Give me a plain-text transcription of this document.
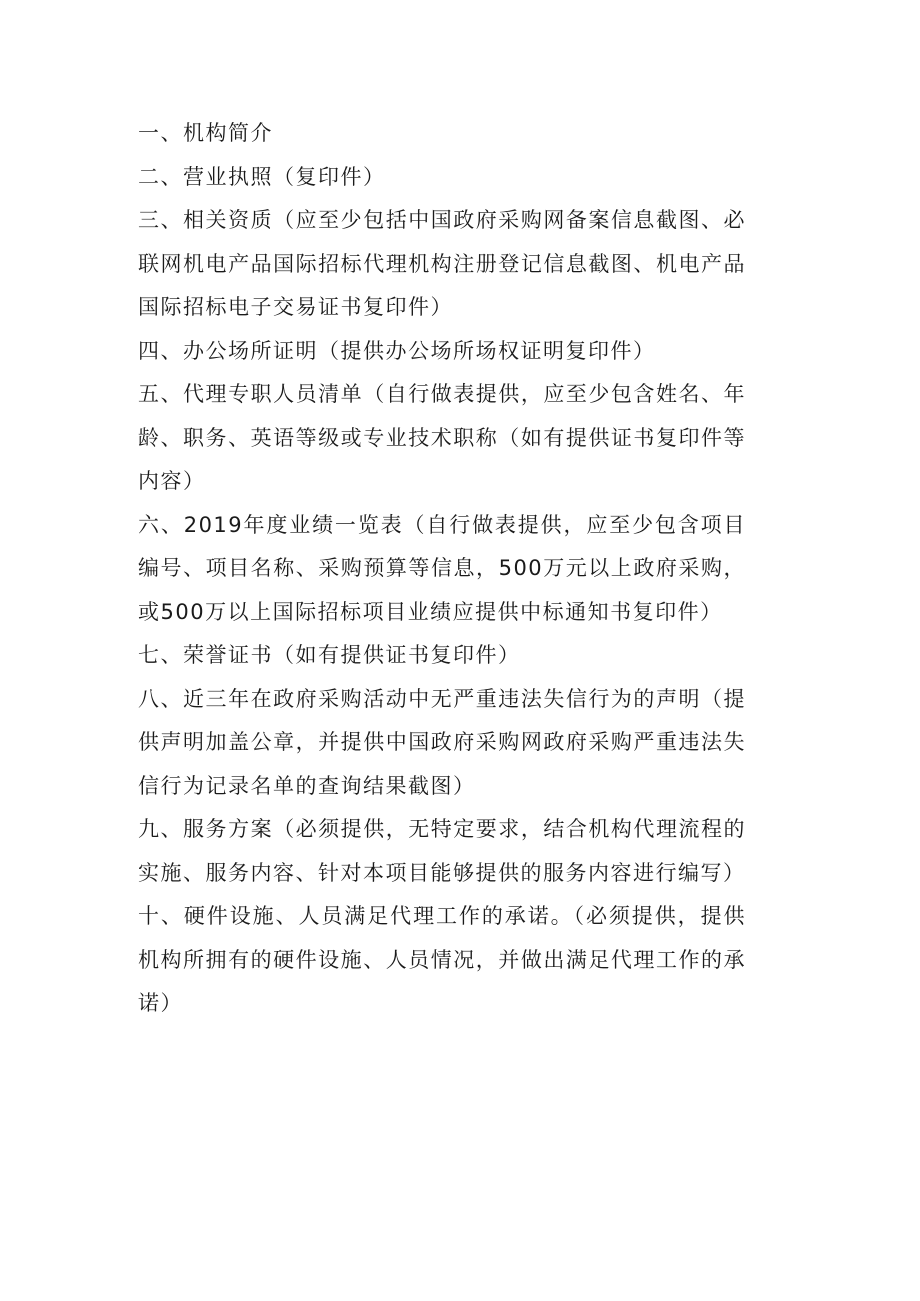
一、机构简介

二、营业执照（复印件）

三、相关资质（应至少包括中国政府采购网备案信息截图、必联网机电产品国际招标代理机构注册登记信息截图、机电产品国际招标电子交易证书复印件）

四、办公场所证明（提供办公场所场权证明复印件）

五、代理专职人员清单（自行做表提供，应至少包含姓名、年龄、职务、英语等级或专业技术职称（如有提供证书复印件等内容）

六、2019年度业绩一览表（自行做表提供，应至少包含项目编号、项目名称、采购预算等信息，500万元以上政府采购，或500万以上国际招标项目业绩应提供中标通知书复印件）

七、荣誉证书（如有提供证书复印件）

八、近三年在政府采购活动中无严重违法失信行为的声明（提供声明加盖公章，并提供中国政府采购网政府采购严重违法失信行为记录名单的查询结果截图）

九、服务方案（必须提供，无特定要求，结合机构代理流程的实施、服务内容、针对本项目能够提供的服务内容进行编写）

十、硬件设施、人员满足代理工作的承诺。（必须提供，提供机构所拥有的硬件设施、人员情况，并做出满足代理工作的承诺）
